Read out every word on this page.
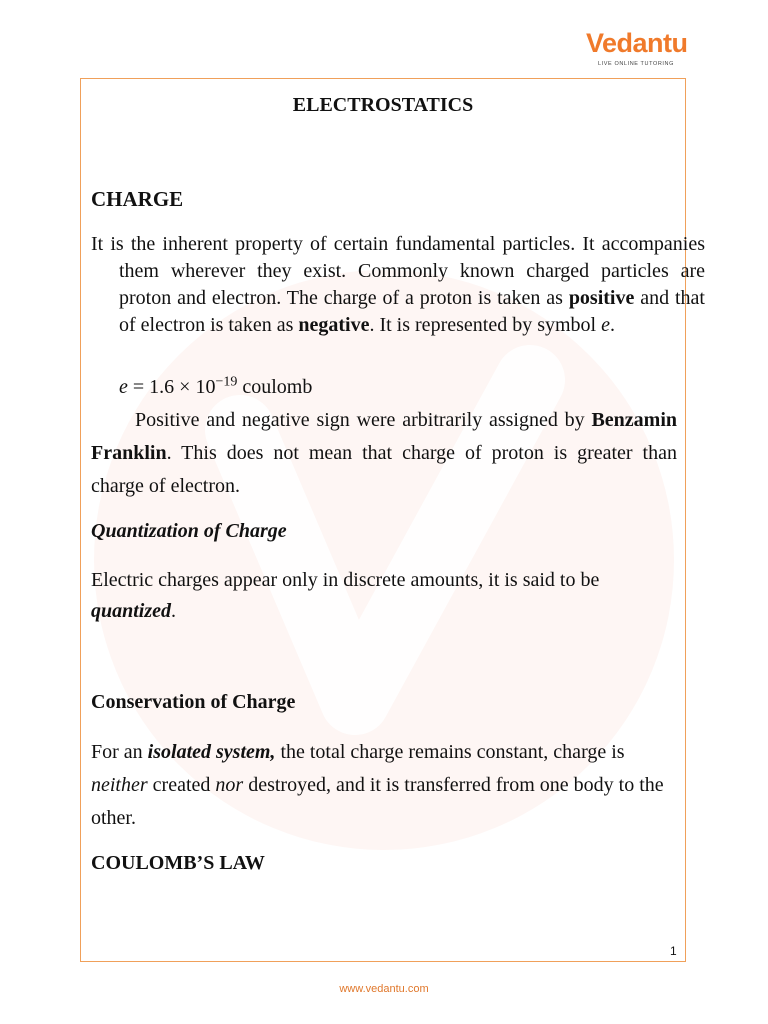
Vedantu
LIVE ONLINE TUTORING
ELECTROSTATICS
CHARGE
It is the inherent property of certain fundamental particles. It accompanies them wherever they exist. Commonly known charged particles are proton and electron. The charge of a proton is taken as positive and that of electron is taken as negative. It is represented by symbol e.
$e = 1.6 \times 10^{-19}$ coulomb
Positive and negative sign were arbitrarily assigned by Benzamin Franklin. This does not mean that charge of proton is greater than charge of electron.
Quantization of Charge
Electric charges appear only in discrete amounts, it is said to be quantized.
Conservation of Charge
For an isolated system, the total charge remains constant, charge is neither created nor destroyed, and it is transferred from one body to the other.
COULOMB’S LAW
1
www.vedantu.com
